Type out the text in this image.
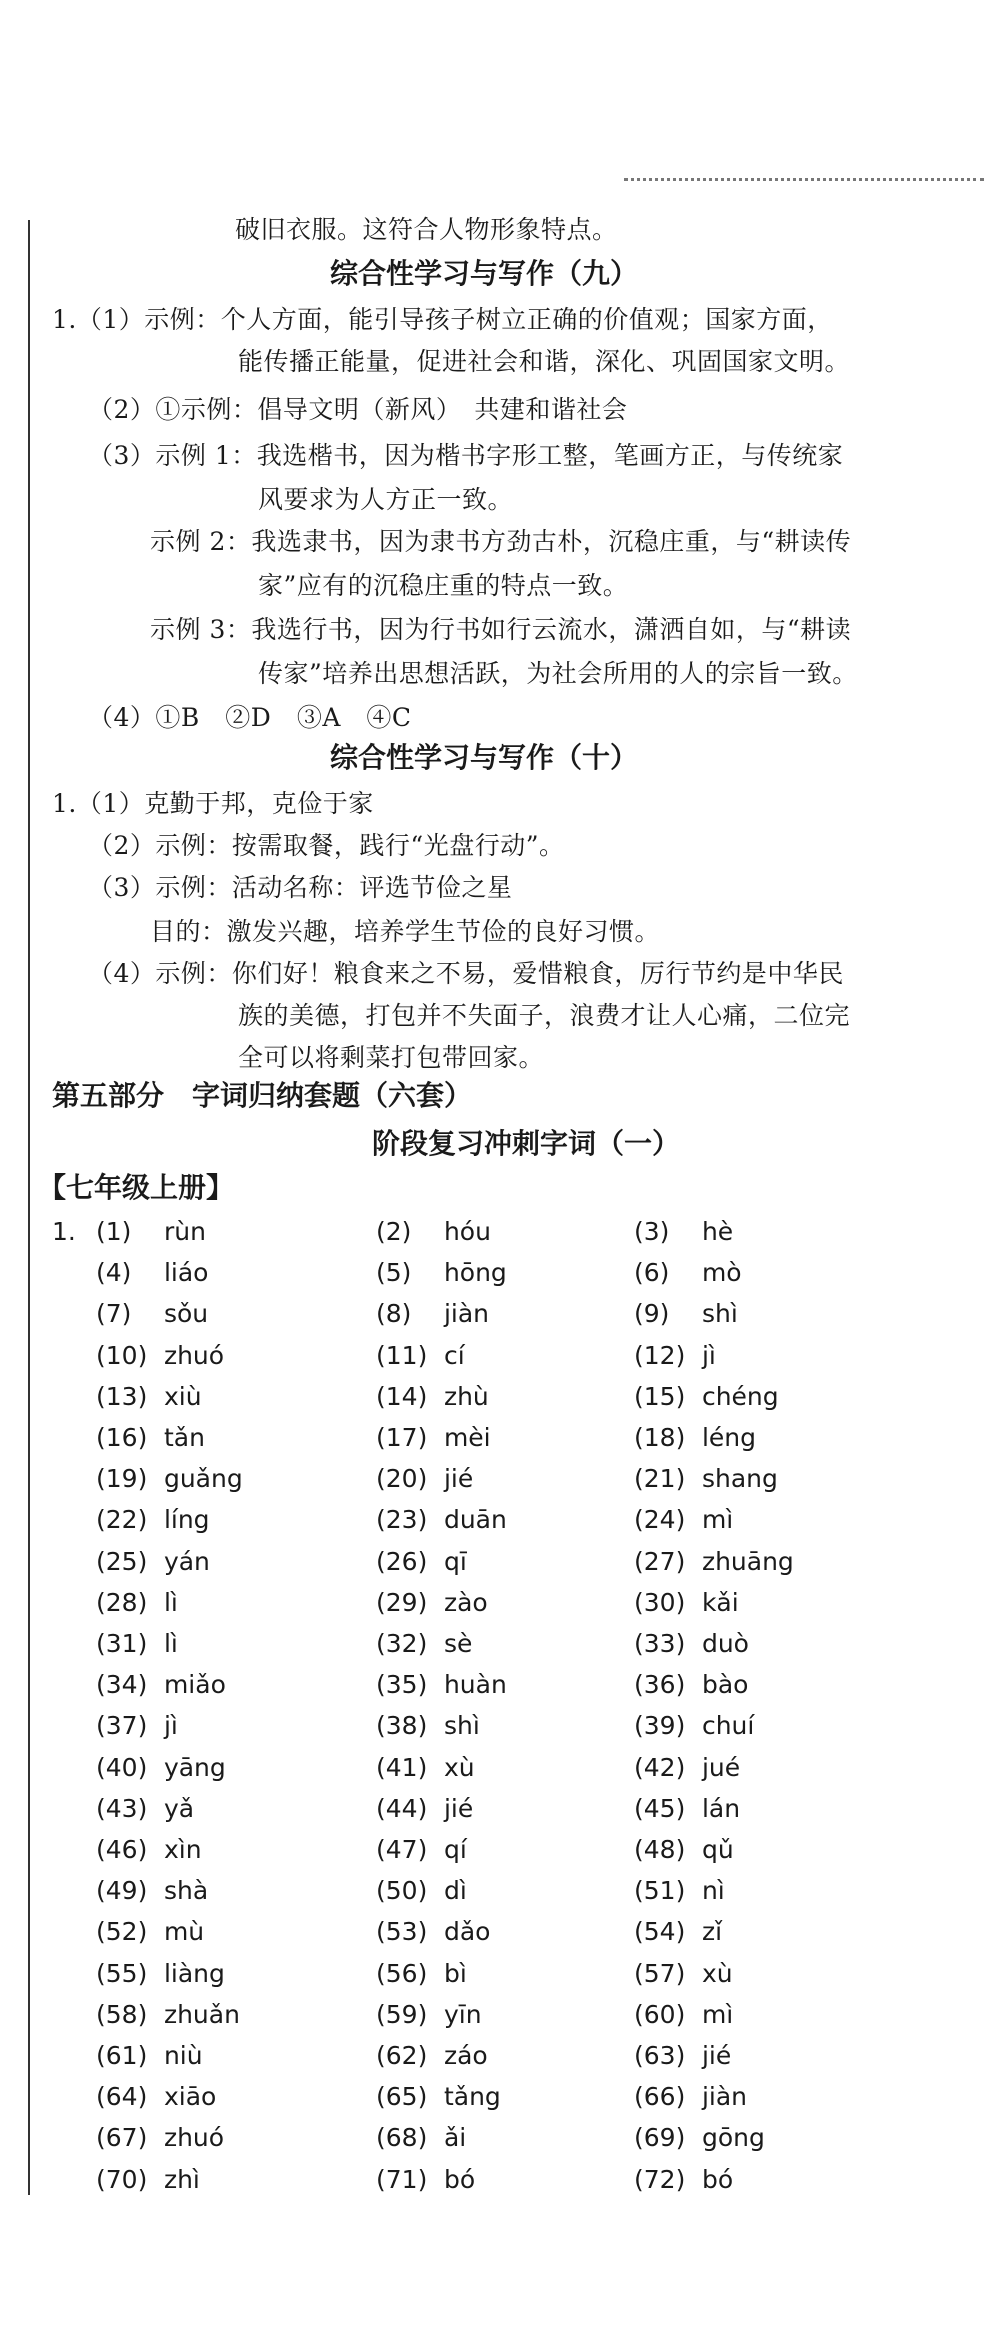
破旧衣服。这符合人物形象特点。
综合性学习与写作（九）
1.（1）示例：个人方面，能引导孩子树立正确的价值观；国家方面，
能传播正能量，促进社会和谐，深化、巩固国家文明。
（2）①示例：倡导文明（新风）　共建和谐社会
（3）示例 1：我选楷书，因为楷书字形工整，笔画方正，与传统家
风要求为人方正一致。
示例 2：我选隶书，因为隶书方劲古朴，沉稳庄重，与“耕读传
家”应有的沉稳庄重的特点一致。
示例 3：我选行书，因为行书如行云流水，潇洒自如，与“耕读
传家”培养出思想活跃，为社会所用的人的宗旨一致。
（4）①B　②D　③A　④C
综合性学习与写作（十）
1.（1）克勤于邦，克俭于家
（2）示例：按需取餐，践行“光盘行动”。
（3）示例：活动名称：评选节俭之星
目的：激发兴趣，培养学生节俭的良好习惯。
（4）示例：你们好！粮食来之不易，爱惜粮食，厉行节约是中华民
族的美德，打包并不失面子，浪费才让人心痛，二位完
全可以将剩菜打包带回家。
第五部分　字词归纳套题（六套）
阶段复习冲刺字词（一）
【七年级上册】
1. (1) rùn	(2) hóu	(3) hè
(4) liáo	(5) hōng	(6) mò
(7) sǒu	(8) jiàn	(9) shì
(10) zhuó	(11) cí	(12) jì
(13) xiù	(14) zhù	(15) chéng
(16) tǎn	(17) mèi	(18) léng
(19) guǎng	(20) jié	(21) shang
(22) líng	(23) duān	(24) mì
(25) yán	(26) qī	(27) zhuāng
(28) lì	(29) zào	(30) kǎi
(31) lì	(32) sè	(33) duò
(34) miǎo	(35) huàn	(36) bào
(37) jì	(38) shì	(39) chuí
(40) yāng	(41) xù	(42) jué
(43) yǎ	(44) jié	(45) lán
(46) xìn	(47) qí	(48) qǔ
(49) shà	(50) dì	(51) nì
(52) mù	(53) dǎo	(54) zǐ
(55) liàng	(56) bì	(57) xù
(58) zhuǎn	(59) yīn	(60) mì
(61) niù	(62) záo	(63) jié
(64) xiāo	(65) tǎng	(66) jiàn
(67) zhuó	(68) ǎi	(69) gōng
(70) zhì	(71) bó	(72) bó
